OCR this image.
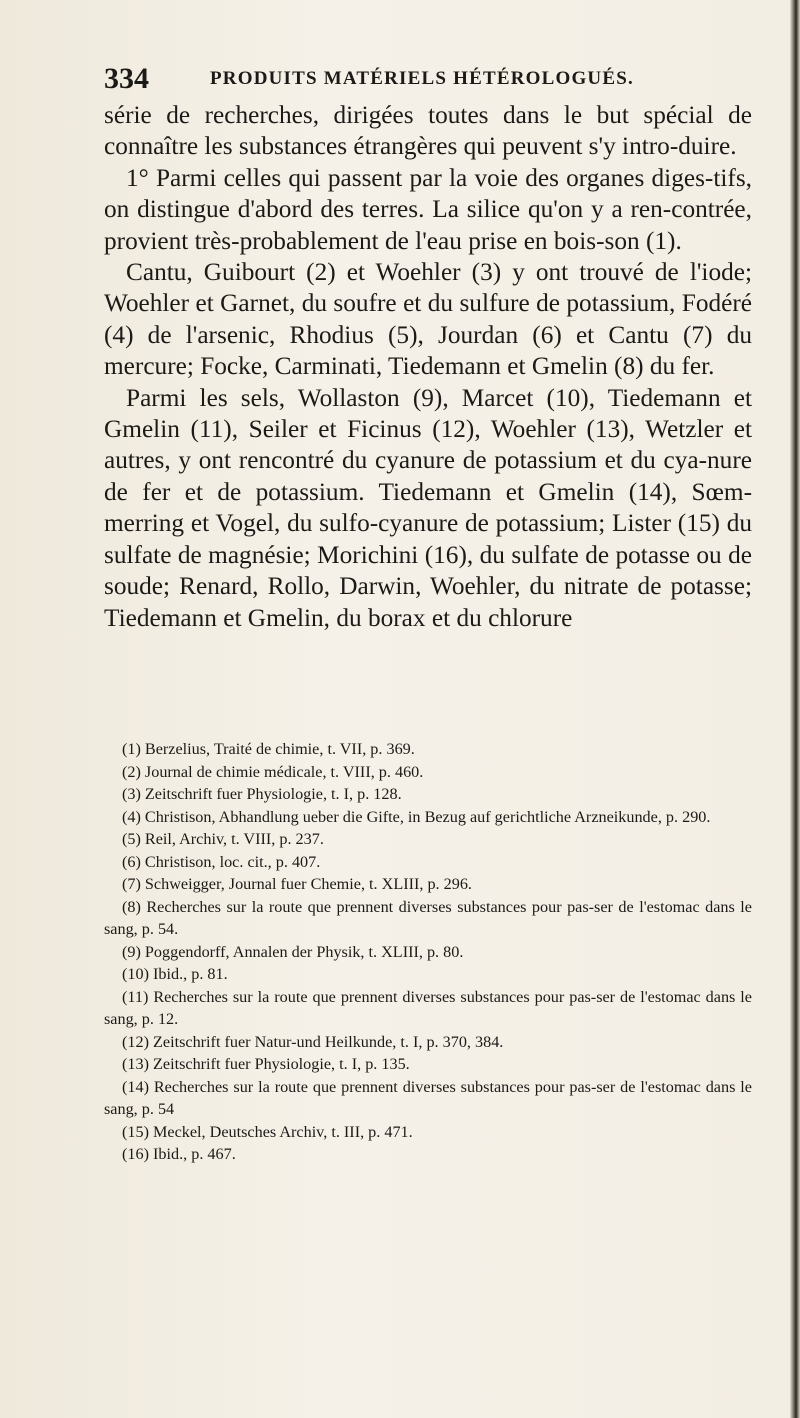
334	PRODUITS MATÉRIELS HÉTÉROLOGUÉS.

série de recherches, dirigées toutes dans le but spécial de connaître les substances étrangères qui peuvent s'y intro-duire.

1° Parmi celles qui passent par la voie des organes diges-tifs, on distingue d'abord des terres. La silice qu'on y a ren-contrée, provient très-probablement de l'eau prise en bois-son (1).

Cantu, Guibourt (2) et Woehler (3) y ont trouvé de l'iode; Woehler et Garnet, du soufre et du sulfure de potassium, Fodéré (4) de l'arsenic, Rhodius (5), Jourdan (6) et Cantu (7) du mercure; Focke, Carminati, Tiedemann et Gmelin (8) du fer.

Parmi les sels, Wollaston (9), Marcet (10), Tiedemann et Gmelin (11), Seiler et Ficinus (12), Woehler (13), Wetzler et autres, y ont rencontré du cyanure de potassium et du cya-nure de fer et de potassium. Tiedemann et Gmelin (14), Sœm-merring et Vogel, du sulfo-cyanure de potassium; Lister (15) du sulfate de magnésie; Morichini (16), du sulfate de potasse ou de soude; Renard, Rollo, Darwin, Woehler, du nitrate de potasse; Tiedemann et Gmelin, du borax et du chlorure

(1) Berzelius, Traité de chimie, t. VII, p. 369.

(2) Journal de chimie médicale, t. VIII, p. 460.

(3) Zeitschrift fuer Physiologie, t. I, p. 128.

(4) Christison, Abhandlung ueber die Gifte, in Bezug auf gerichtliche Arzneikunde, p. 290.

(5) Reil, Archiv, t. VIII, p. 237.

(6) Christison, loc. cit., p. 407.

(7) Schweigger, Journal fuer Chemie, t. XLIII, p. 296.

(8) Recherches sur la route que prennent diverses substances pour pas-ser de l'estomac dans le sang, p. 54.

(9) Poggendorff, Annalen der Physik, t. XLIII, p. 80.

(10) Ibid., p. 81.

(11) Recherches sur la route que prennent diverses substances pour pas-ser de l'estomac dans le sang, p. 12.

(12) Zeitschrift fuer Natur-und Heilkunde, t. I, p. 370, 384.

(13) Zeitschrift fuer Physiologie, t. I, p. 135.

(14) Recherches sur la route que prennent diverses substances pour pas-ser de l'estomac dans le sang, p. 54

(15) Meckel, Deutsches Archiv, t. III, p. 471.

(16) Ibid., p. 467.
